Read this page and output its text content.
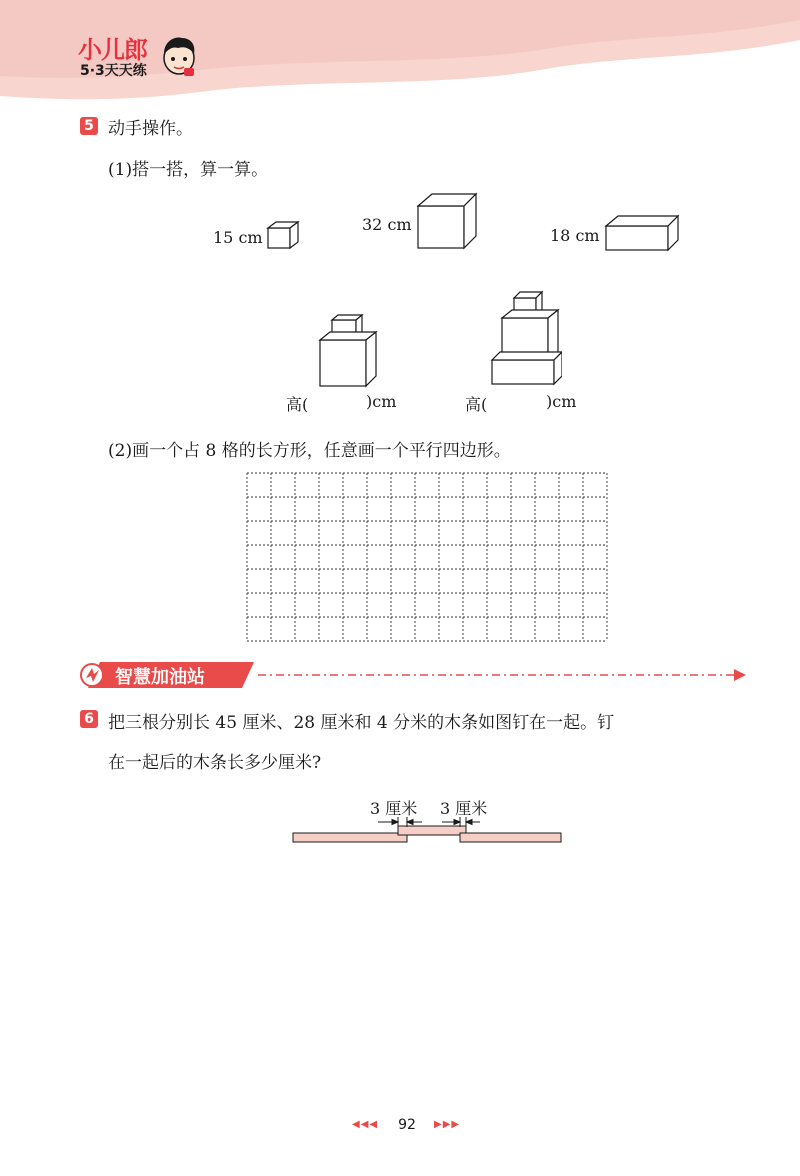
小儿郎
5·3天天练
5 动手操作。
(1)搭一搭，算一算。
15 cm
32 cm
18 cm
高(	)cm	高(	)cm
(2)画一个占 8 格的长方形，任意画一个平行四边形。
智慧加油站
6 把三根分别长 45 厘米、28 厘米和 4 分米的木条如图钉在一起。钉
在一起后的木条长多少厘米?
3 厘米 3 厘米
◀◀◀	92	▶▶▶
